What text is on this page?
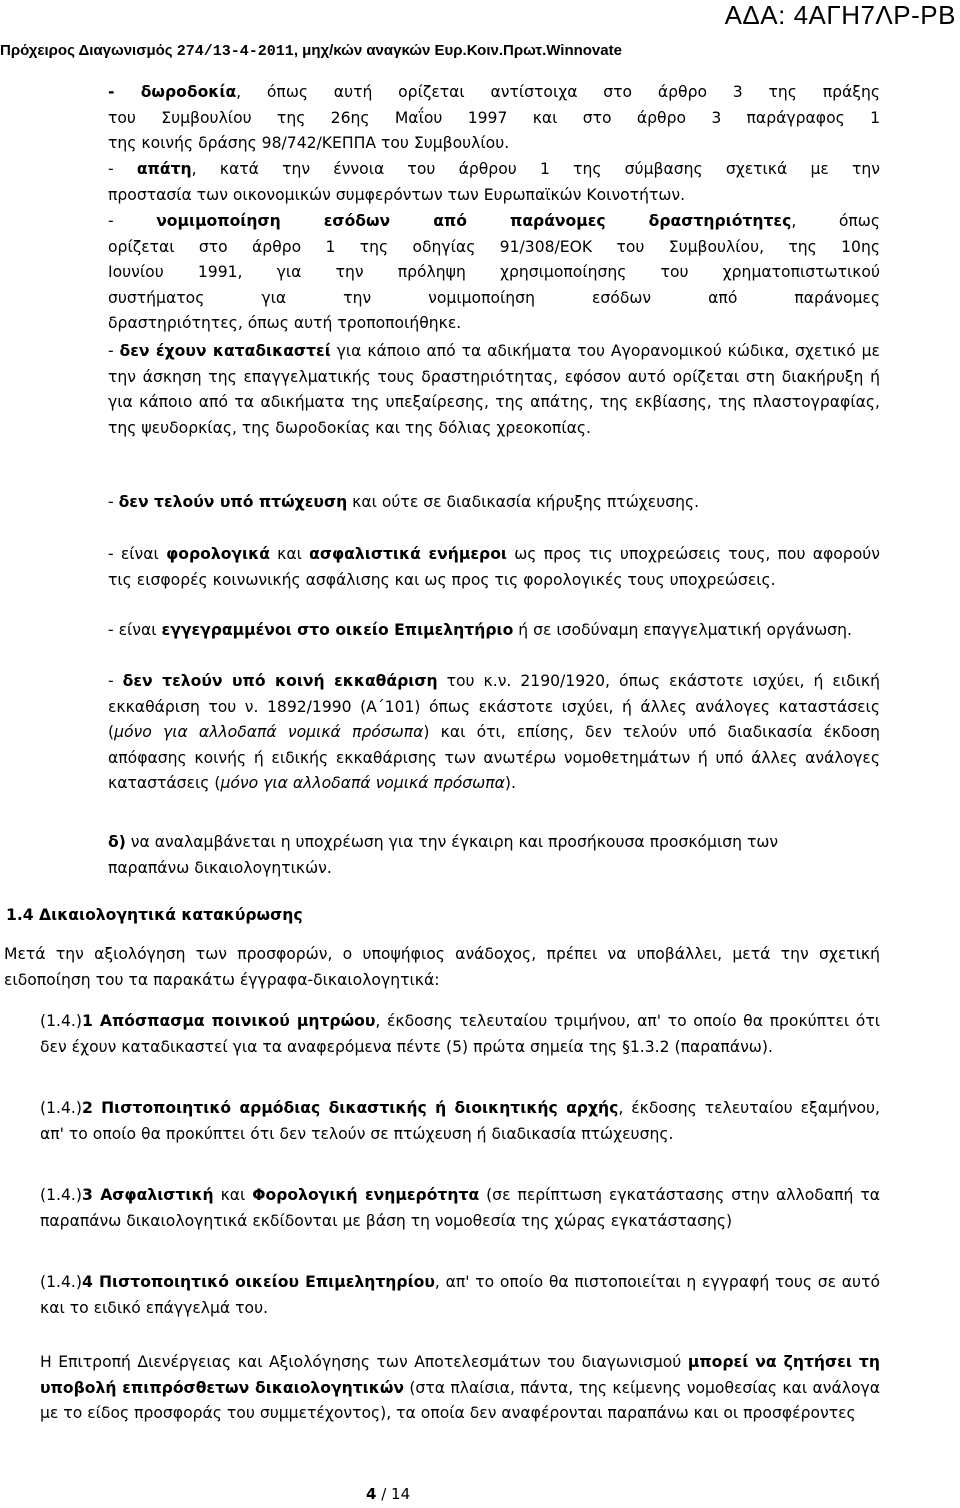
ΑΔΑ: 4ΑΓΗ7ΛΡ-ΡΒ
Πρόχειρος Διαγωνισμός 274/13-4-2011, μηχ/κών αναγκών Ευρ.Κοιν.Πρωτ.Winnovate
- δωροδοκία, όπως αυτή ορίζεται αντίστοιχα στο άρθρο 3 της πράξης
του Συμβουλίου της 26ης Μαΐου 1997 και στο άρθρο 3 παράγραφος 1
της κοινής δράσης 98/742/ΚΕΠΠΑ του Συμβουλίου.
- απάτη, κατά την έννοια του άρθρου 1 της σύμβασης σχετικά με την
προστασία των οικονομικών συμφερόντων των Ευρωπαϊκών Κοινοτήτων.
- νομιμοποίηση εσόδων από παράνομες δραστηριότητες, όπως
ορίζεται στο άρθρο 1 της οδηγίας 91/308/ΕΟΚ του Συμβουλίου, της 10ης
Ιουνίου 1991, για την πρόληψη χρησιμοποίησης του χρηματοπιστωτικού
συστήματος για την νομιμοποίηση εσόδων από παράνομες
δραστηριότητες, όπως αυτή τροποποιήθηκε.

- δεν έχουν καταδικαστεί για κάποιο από τα αδικήματα του Αγορανομικού κώδικα, σχετικό με την άσκηση της επαγγελματικής τους δραστηριότητας, εφόσον αυτό ορίζεται στη διακήρυξη ή για κάποιο από τα αδικήματα της υπεξαίρεσης, της απάτης, της εκβίασης, της πλαστογραφίας, της ψευδορκίας, της δωροδοκίας και της δόλιας χρεοκοπίας.

- δεν τελούν υπό πτώχευση και ούτε σε διαδικασία κήρυξης πτώχευσης.

- είναι φορολογικά και ασφαλιστικά ενήμεροι ως προς τις υποχρεώσεις τους, που αφορούν τις εισφορές κοινωνικής ασφάλισης και ως προς τις φορολογικές τους υποχρεώσεις.

- είναι εγγεγραμμένοι στο οικείο Επιμελητήριο ή σε ισοδύναμη επαγγελματική οργάνωση.

- δεν τελούν υπό κοινή εκκαθάριση του κ.ν. 2190/1920, όπως εκάστοτε ισχύει, ή ειδική εκκαθάριση του ν. 1892/1990 (Α΄101) όπως εκάστοτε ισχύει, ή άλλες ανάλογες καταστάσεις (μόνο για αλλοδαπά νομικά πρόσωπα) και ότι, επίσης, δεν τελούν υπό διαδικασία έκδοση απόφασης κοινής ή ειδικής εκκαθάρισης των ανωτέρω νομοθετημάτων ή υπό άλλες ανάλογες καταστάσεις (μόνο για αλλοδαπά νομικά πρόσωπα).

δ) να αναλαμβάνεται η υποχρέωση για την έγκαιρη και προσήκουσα προσκόμιση των παραπάνω δικαιολογητικών.

1.4 Δικαιολογητικά κατακύρωσης

Μετά την αξιολόγηση των προσφορών, ο υποψήφιος ανάδοχος, πρέπει να υποβάλλει, μετά την σχετική ειδοποίηση του τα παρακάτω έγγραφα-δικαιολογητικά:

(1.4.)1 Απόσπασμα ποινικού μητρώου, έκδοσης τελευταίου τριμήνου, απ' το οποίο θα προκύπτει ότι δεν έχουν καταδικαστεί για τα αναφερόμενα πέντε (5) πρώτα σημεία της §1.3.2 (παραπάνω).

(1.4.)2 Πιστοποιητικό αρμόδιας δικαστικής ή διοικητικής αρχής, έκδοσης τελευταίου εξαμήνου, απ' το οποίο θα προκύπτει ότι δεν τελούν σε πτώχευση ή διαδικασία πτώχευσης.

(1.4.)3 Ασφαλιστική και Φορολογική ενημερότητα (σε περίπτωση εγκατάστασης στην αλλοδαπή τα παραπάνω δικαιολογητικά εκδίδονται με βάση τη νομοθεσία της χώρας εγκατάστασης)

(1.4.)4 Πιστοποιητικό οικείου Επιμελητηρίου, απ' το οποίο θα πιστοποιείται η εγγραφή τους σε αυτό και το ειδικό επάγγελμά του.

Η Επιτροπή Διενέργειας και Αξιολόγησης των Αποτελεσμάτων του διαγωνισμού μπορεί να ζητήσει τη υποβολή επιπρόσθετων δικαιολογητικών (στα πλαίσια, πάντα, της κείμενης νομοθεσίας και ανάλογα με το είδος προσφοράς του συμμετέχοντος), τα οποία δεν αναφέρονται παραπάνω και οι προσφέροντες

4 / 14
